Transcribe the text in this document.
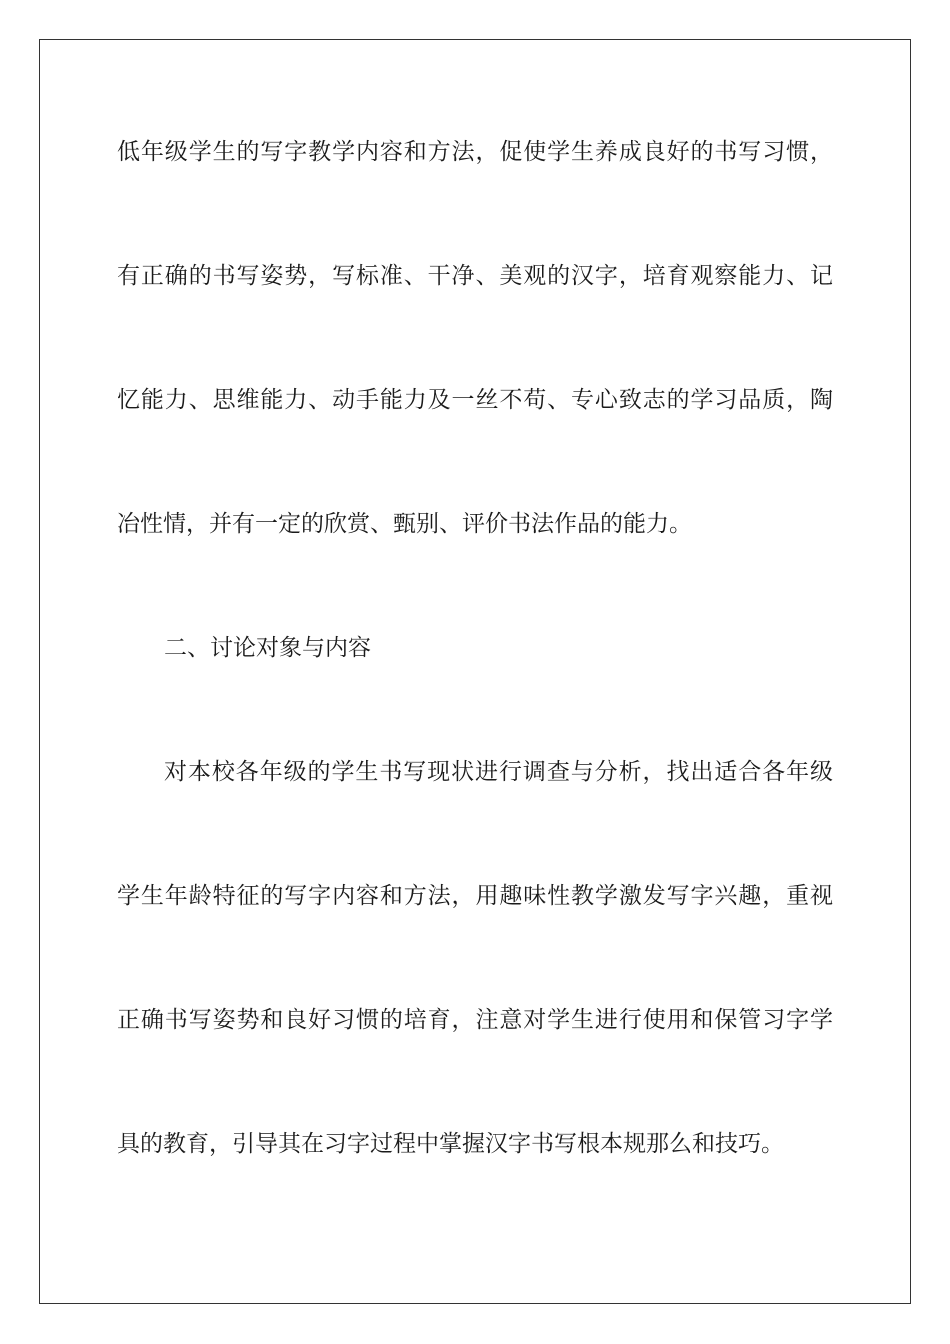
低年级学生的写字教学内容和方法，促使学生养成良好的书写习惯，
有正确的书写姿势，写标准、干净、美观的汉字，培育观察能力、记
忆能力、思维能力、动手能力及一丝不苟、专心致志的学习品质，陶
冶性情，并有一定的欣赏、甄别、评价书法作品的能力。
二、讨论对象与内容
对本校各年级的学生书写现状进行调查与分析，找出适合各年级
学生年龄特征的写字内容和方法，用趣味性教学激发写字兴趣，重视
正确书写姿势和良好习惯的培育，注意对学生进行使用和保管习字学
具的教育，引导其在习字过程中掌握汉字书写根本规那么和技巧。
